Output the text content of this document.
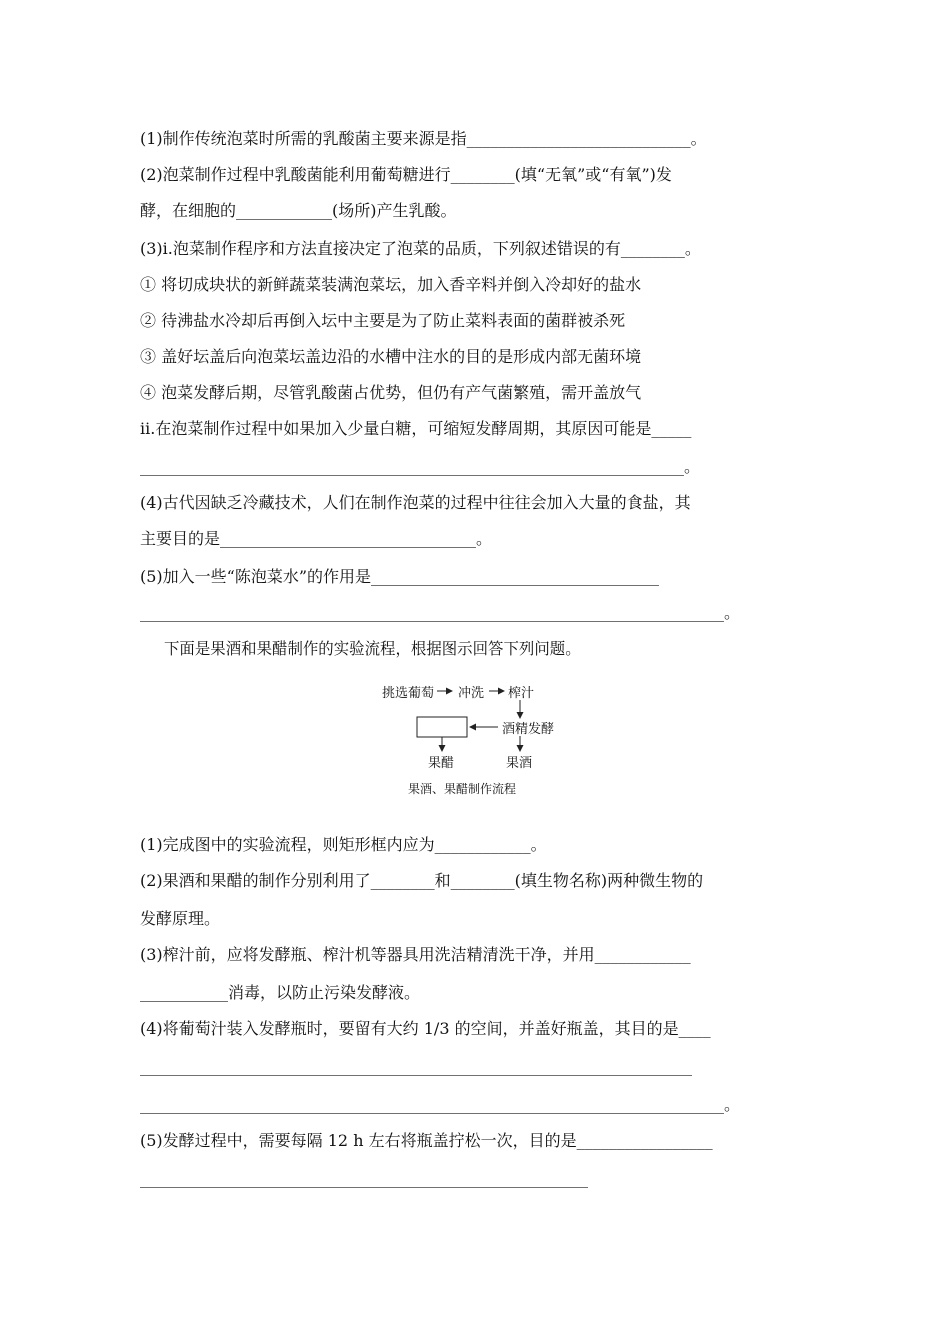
(1)制作传统泡菜时所需的乳酸菌主要来源是指____________________________。
(2)泡菜制作过程中乳酸菌能利用葡萄糖进行________(填“无氧”或“有氧”)发
酵，在细胞的____________(场所)产生乳酸。
(3)ⅰ.泡菜制作程序和方法直接决定了泡菜的品质，下列叙述错误的有________。
① 将切成块状的新鲜蔬菜装满泡菜坛，加入香辛料并倒入冷却好的盐水
② 待沸盐水冷却后再倒入坛中主要是为了防止菜料表面的菌群被杀死
③ 盖好坛盖后向泡菜坛盖边沿的水槽中注水的目的是形成内部无菌环境
④ 泡菜发酵后期，尽管乳酸菌占优势，但仍有产气菌繁殖，需开盖放气
ⅱ.在泡菜制作过程中如果加入少量白糖，可缩短发酵周期，其原因可能是_____
____________________________________________________________________。
(4)古代因缺乏冷藏技术，人们在制作泡菜的过程中往往会加入大量的食盐，其
主要目的是________________________________。
(5)加入一些“陈泡菜水”的作用是____________________________________
_________________________________________________________________________。
下面是果酒和果醋制作的实验流程，根据图示回答下列问题。
挑选葡萄 冲洗 榨汁
酒精发酵
果醋	果酒
果酒、果醋制作流程
(1)完成图中的实验流程，则矩形框内应为____________。
(2)果酒和果醋的制作分别利用了________和________(填生物名称)两种微生物的
发酵原理。
(3)榨汁前，应将发酵瓶、榨汁机等器具用洗洁精清洗干净，并用____________
___________消毒，以防止污染发酵液。
(4)将葡萄汁装入发酵瓶时，要留有大约 1/3 的空间，并盖好瓶盖，其目的是____
_____________________________________________________________________
_________________________________________________________________________。
(5)发酵过程中，需要每隔 12 h 左右将瓶盖拧松一次，目的是_________________
________________________________________________________
